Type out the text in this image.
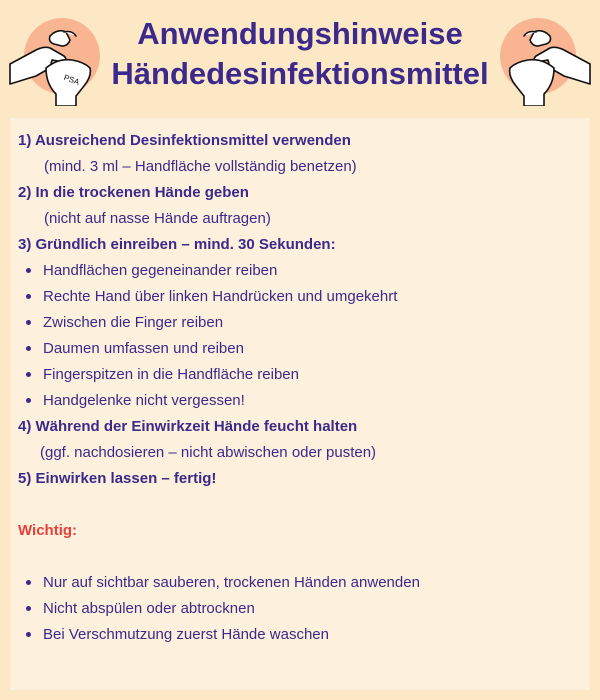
PSA
Anwendungshinweise
Händedesinfektionsmittel
1) Ausreichend Desinfektionsmittel verwenden
(mind. 3 ml – Handfläche vollständig benetzen)
2) In die trockenen Hände geben
(nicht auf nasse Hände auftragen)
3) Gründlich einreiben – mind. 30 Sekunden:
Handflächen gegeneinander reiben
Rechte Hand über linken Handrücken und umgekehrt
Zwischen die Finger reiben
Daumen umfassen und reiben
Fingerspitzen in die Handfläche reiben
Handgelenke nicht vergessen!
4) Während der Einwirkzeit Hände feucht halten
(ggf. nachdosieren – nicht abwischen oder pusten)
5) Einwirken lassen – fertig!
Wichtig:
Nur auf sichtbar sauberen, trockenen Händen anwenden
Nicht abspülen oder abtrocknen
Bei Verschmutzung zuerst Hände waschen
